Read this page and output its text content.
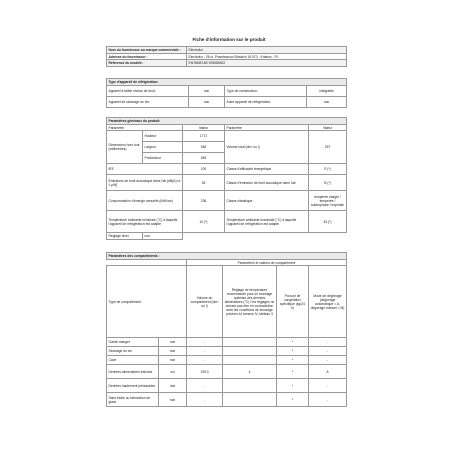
Fiche d'information sur le produit
Nom du fournisseur ou marque commerciale :	Electrolux
Adresse du fournisseur :	Electrolux - 26 ul. Powstancow Slaskich 16 570 - Krakow - PL
Référence du modèle:	ENT6ME18S 925585302
Type d'appareil de réfrigération:			
Appareil à faible niveau de bruit:	non	Type de construction:	intégrable
Appareil de stockage du vin:	non	Autre appareil de réfrigération:	non
Paramètres généraux du produit:				
Paramètre		Valeur	Paramètre	Valeur
Dimensions hors tout (millimètres)	Hauteur	1772	Volume total (dm³ ou l)	257
	Largeur	548		
	Profondeur	549		
IEE		100	Classe d'efficacité énergétique	E (*)
Émissions de bruit acoustique dans l'air [dB(A) re 1 pW]		35	Classe d'émission de bruit acoustique dans l'air	B (*)
Consommation d'énergie annuelle (kWh/an)		236	Classe climatique :	tempérée élargie / tempérée / subtropicale / tropicale
Température ambiante minimale (°C) à laquelle l'appareil de réfrigération est adapté		10 (*)	Température ambiante maximale (°C) à laquelle l'appareil de réfrigération est adapté	43 (*)
Réglage hiver	non			
Paramètres des compartiments :					
		Paramètres et valeurs de compartiment			
Type de compartiment		Volume du compartiment (dm³ ou l)	Réglage de température recommandé pour un stockage optimisé des denrées alimentaires (°C) Ces réglages ne doivent pas être en contradiction avec les conditions de stockage prévues à l'annexe IV, tableau 3	Pouvoir de congélation spécifique (kg/24 h)	Mode de dégivrage (dégivrage automatique = A, dégivrage manuel = M)
Garde-manger	non	-		*	-
Stockage du vin	non	-		*	-
Cave	non	-		*	-
Denrées alimentaires fraîches	oui	195,0	4	*	A
Denrées hautement périssables	non	-		*	-
Sans étoile ou fabrication de glace	non	-		*	-
